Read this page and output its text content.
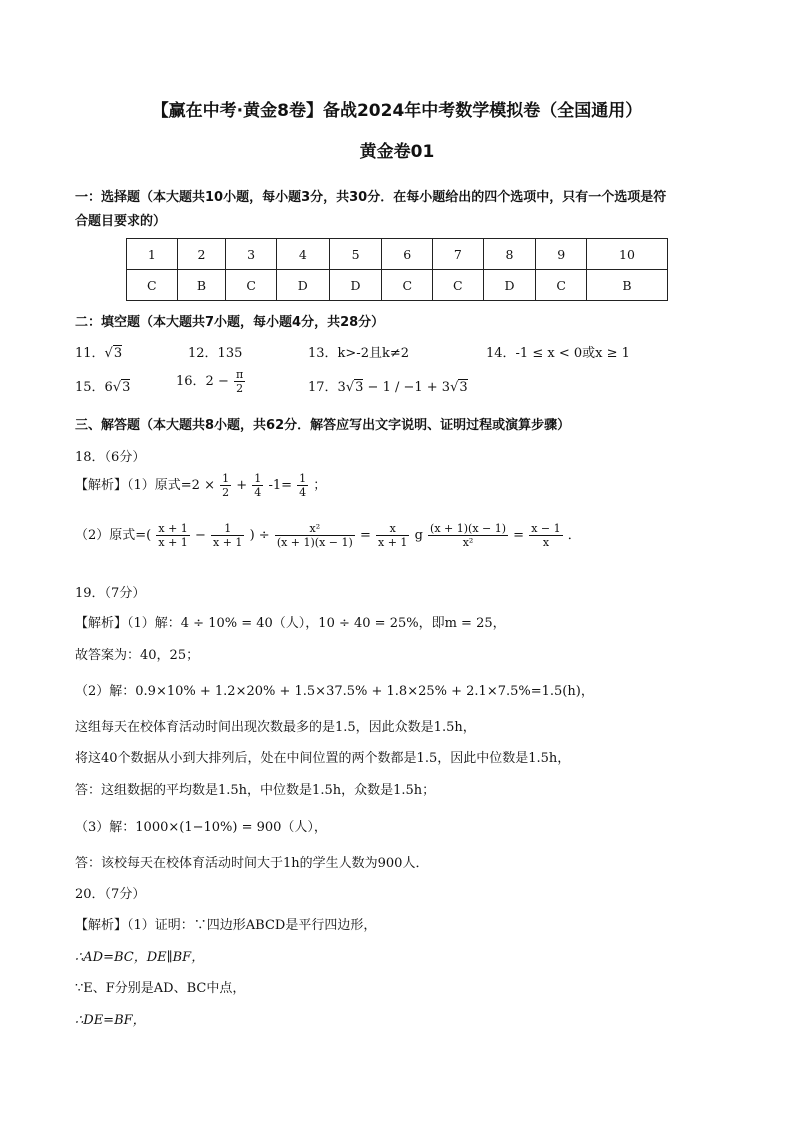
【赢在中考·黄金8卷】备战2024年中考数学模拟卷（全国通用）
黄金卷01
一：选择题（本大题共10小题，每小题3分，共30分．在每小题给出的四个选项中，只有一个选项是符
合题目要求的）
1	2	3	4	5	6	7	8	9	10
C	B	C	D	D	C	C	D	C	B
二：填空题（本大题共7小题，每小题4分，共28分）
11．√3	12．135	13．k>-2且k≠2	14．-1 ≤ x < 0或x ≥ 1
15．6√3	16．$2 - \frac{\pi}{2}$	17．3√3 − 1 / −1 + 3√3
三、解答题（本大题共8小题，共62分．解答应写出文字说明、证明过程或演算步骤）
18．（6分）
【解析】（1）原式$=2 \times \frac{1}{2} + \frac{1}{4} -1= \frac{1}{4}$ ；
（2）原式=( $\frac{x + 1}{x + 1} - \frac{1}{x + 1}$ ) ÷ $\frac{\text{x²}}{(x + 1)(x - 1)} = \frac{x}{x + 1}$ g $\frac{(x + 1)(x - 1)}{\text{x²}} = \frac{x - 1}{x}$ ．
19．（7分）
【解析】（1）解：4 ÷ 10% = 40（人），10 ÷ 40 = 25%，即m = 25，
故答案为：40，25；
（2）解：0.9×10% + 1.2×20% + 1.5×37.5% + 1.8×25% + 2.1×7.5%=1.5(h)，
这组每天在校体育活动时间出现次数最多的是1.5，因此众数是1.5h，
将这40个数据从小到大排列后，处在中间位置的两个数都是1.5，因此中位数是1.5h，
答：这组数据的平均数是1.5h，中位数是1.5h，众数是1.5h；
（3）解：1000×(1−10%) = 900（人），
答：该校每天在校体育活动时间大于1h的学生人数为900人．
20．（7分）
【解析】（1）证明：∵四边形ABCD是平行四边形，
∴AD=BC，DE∥BF，
∵E、F分别是AD、BC中点，
∴DE=BF，
